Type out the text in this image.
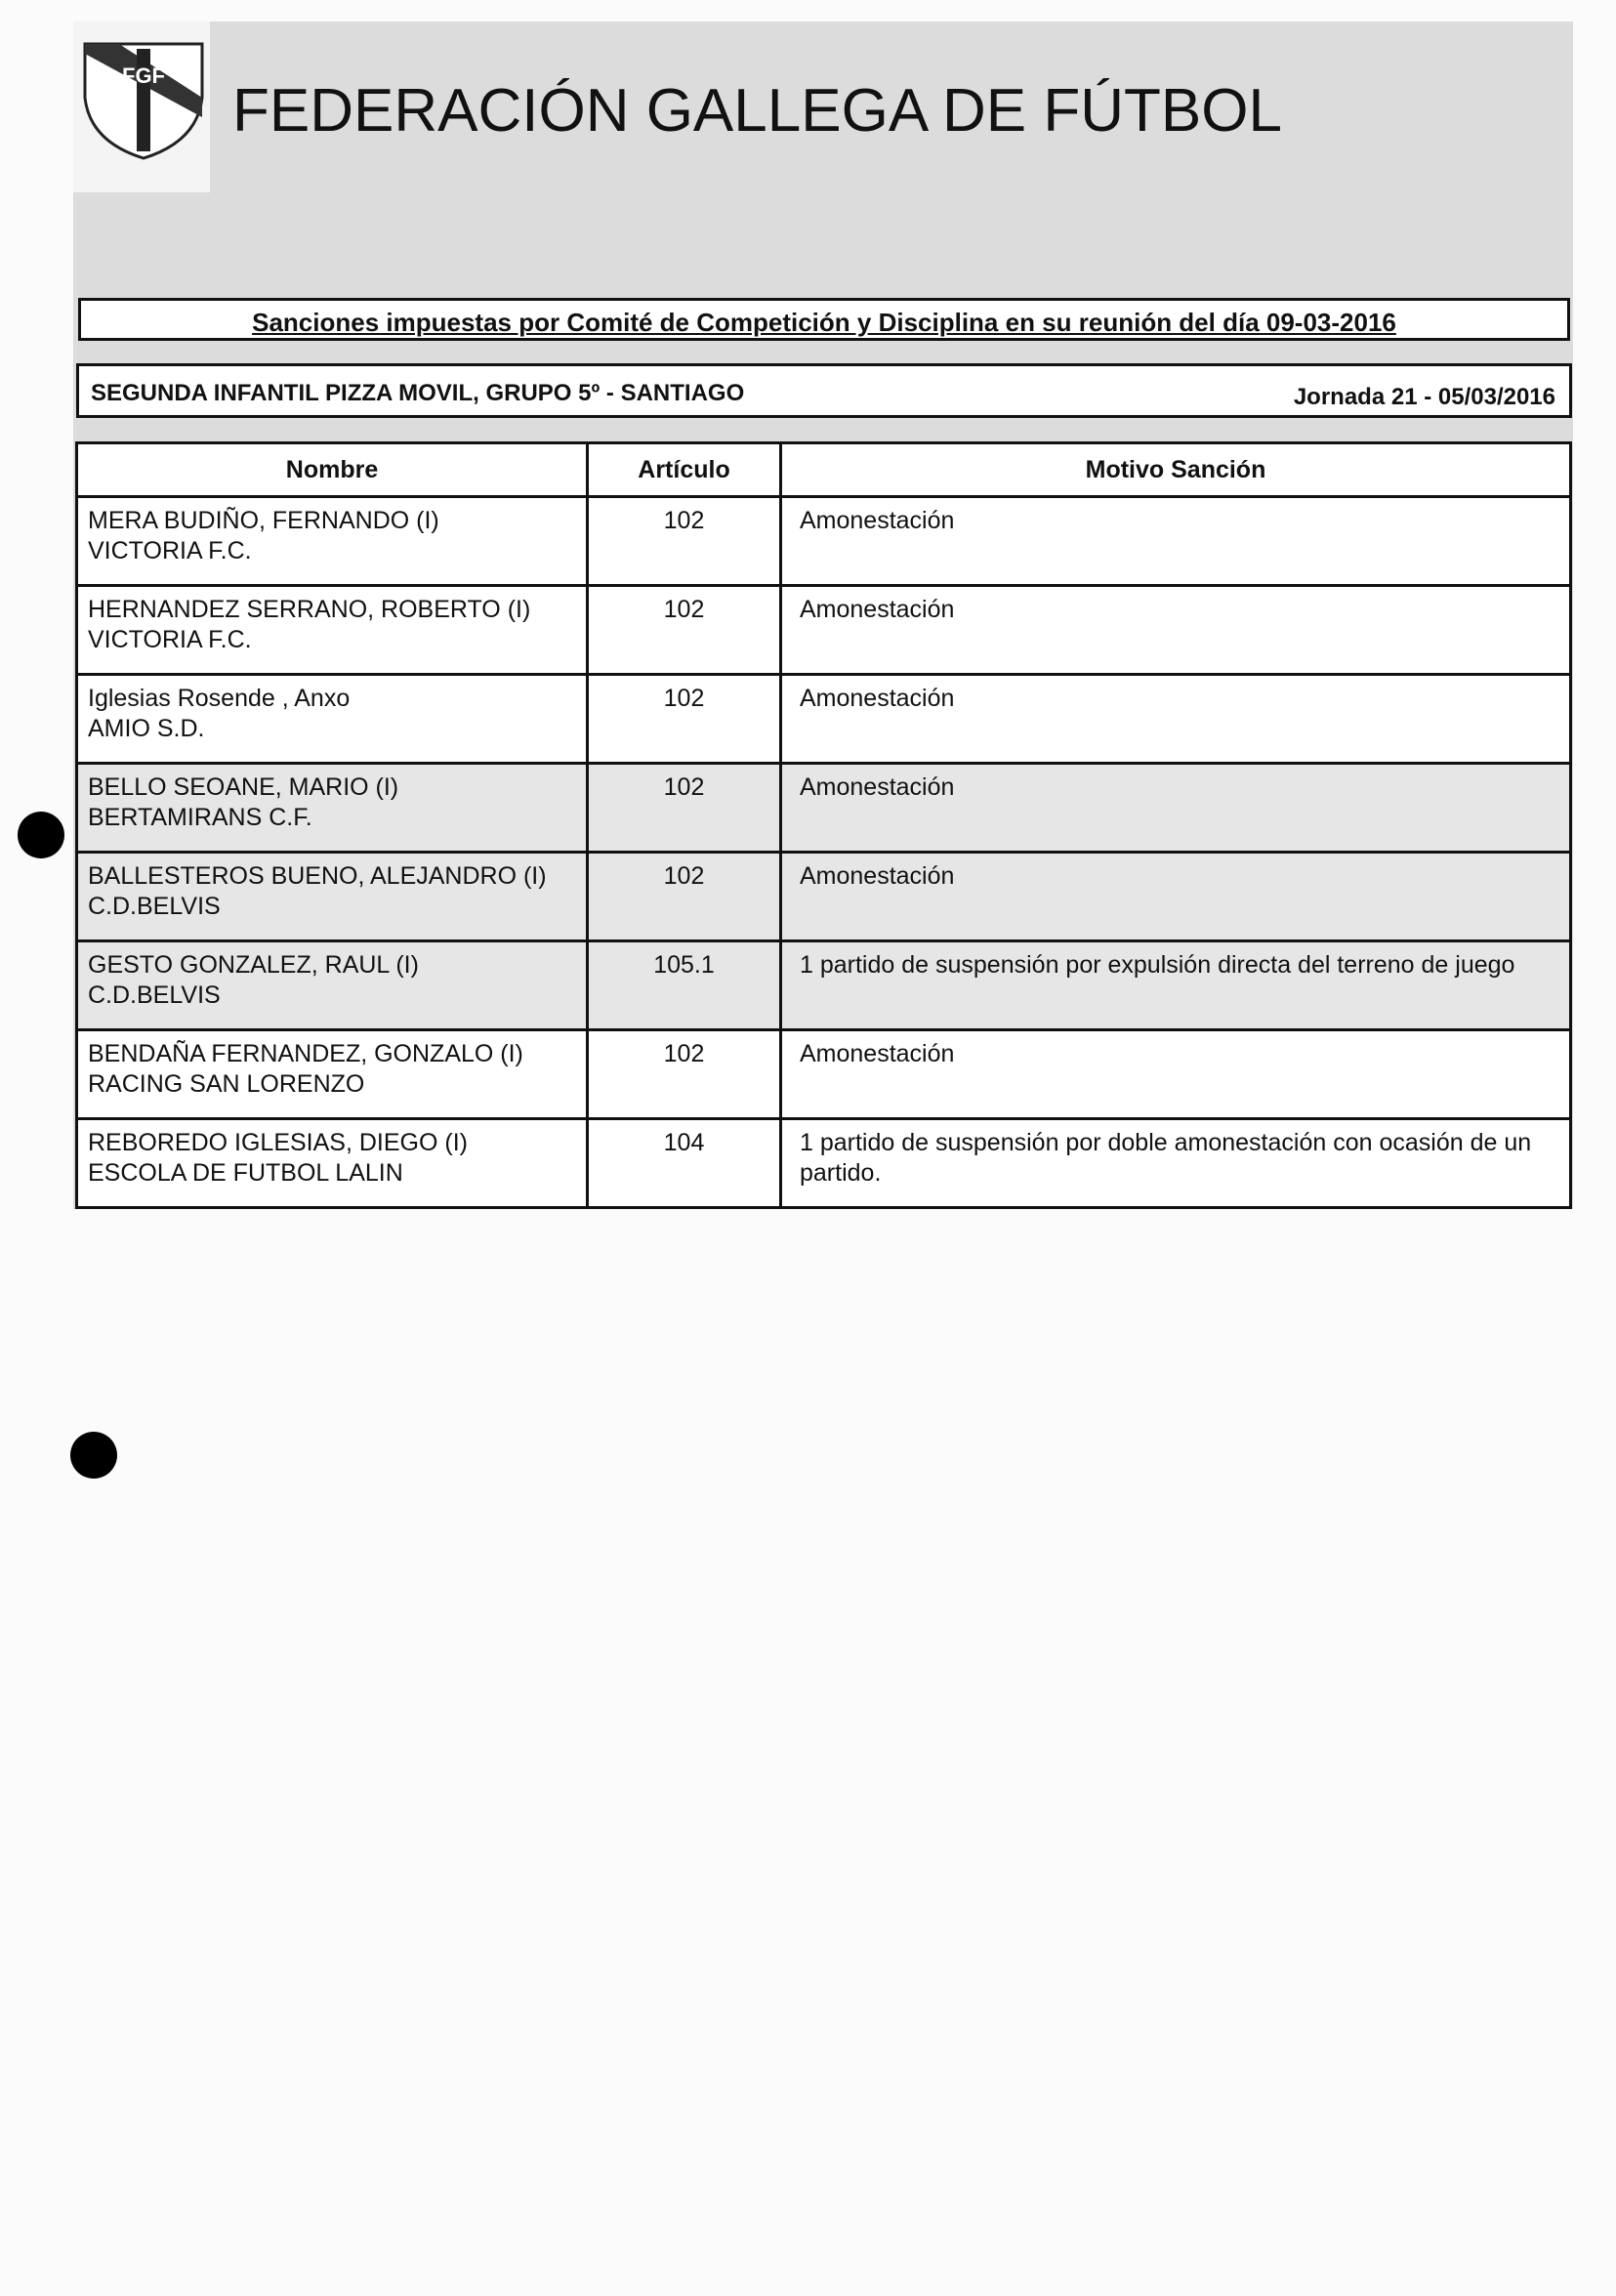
FGF
FEDERACIÓN GALLEGA DE FÚTBOL
Sanciones impuestas por Comité de Competición y Disciplina en su reunión del día 09-03-2016
SEGUNDA INFANTIL PIZZA MOVIL, GRUPO 5º - SANTIAGO	Jornada 21 - 05/03/2016
Nombre	Artículo	Motivo Sanción

MERA BUDIÑO, FERNANDO (I)
VICTORIA F.C.	102	Amonestación

HERNANDEZ SERRANO, ROBERTO (I)
VICTORIA F.C.	102	Amonestación

Iglesias Rosende , Anxo
AMIO S.D.	102	Amonestación

BELLO SEOANE, MARIO (I)
BERTAMIRANS C.F.	102	Amonestación

BALLESTEROS BUENO, ALEJANDRO (I)
C.D.BELVIS	102	Amonestación

GESTO GONZALEZ, RAUL (I)
C.D.BELVIS	105.1	1 partido de suspensión por expulsión directa del terreno de juego

BENDAÑA FERNANDEZ, GONZALO (I)
RACING SAN LORENZO	102	Amonestación

REBOREDO IGLESIAS, DIEGO (I)
ESCOLA DE FUTBOL LALIN	104	1 partido de suspensión por doble amonestación con ocasión de un partido.
